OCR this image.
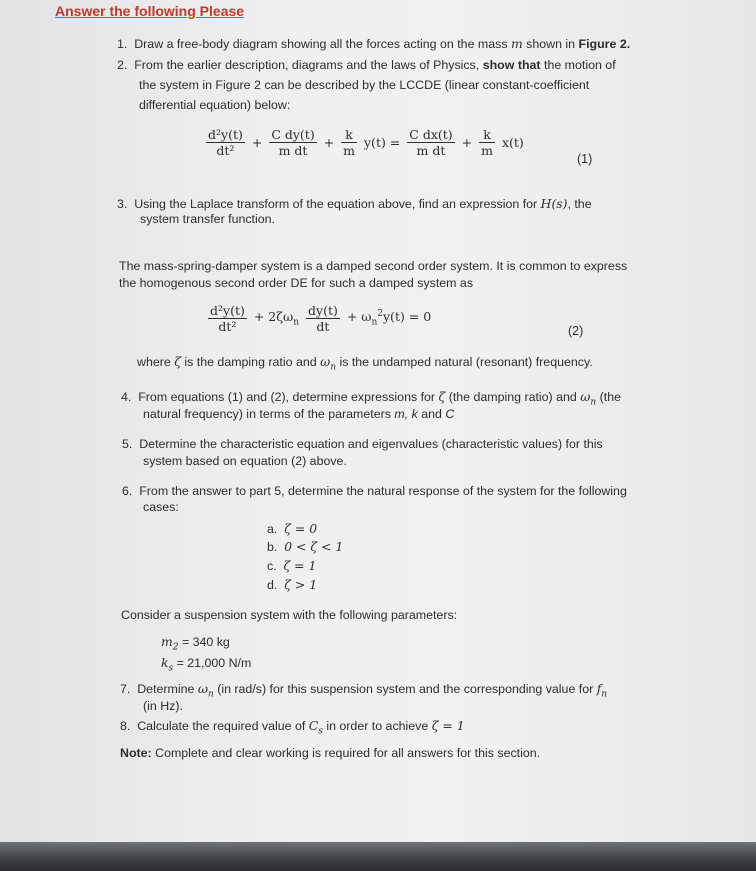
Answer the following Please
1. Draw a free-body diagram showing all the forces acting on the mass m shown in Figure 2.
2. From the earlier description, diagrams and the laws of Physics, show that the motion of
the system in Figure 2 can be described by the LCCDE (linear constant-coefficient
differential equation) below:
$\frac{\text{d²y(t)}}{\text{dt²}} + \frac{\text{C dy(t)}}{\text{m dt}} + \frac{k}{m} y(t) = \frac{\text{C dx(t)}}{\text{m dt}} + \frac{k}{m} x(t)$
(1)
3. Using the Laplace transform of the equation above, find an expression for H(s), the
system transfer function.
The mass-spring-damper system is a damped second order system. It is common to express
the homogenous second order DE for such a damped system as
$\frac{\text{d²y(t)}}{\text{dt²}} + 2\zeta\omega_n \frac{dy(t)}{dt} + \omega_n^2y(t) = 0$
(2)
where ζ is the damping ratio and $\omega_n$ is the undamped natural (resonant) frequency.
4. From equations (1) and (2), determine expressions for ζ (the damping ratio) and $\omega_n$ (the
natural frequency) in terms of the parameters m, k and C
5. Determine the characteristic equation and eigenvalues (characteristic values) for this
system based on equation (2) above.
6. From the answer to part 5, determine the natural response of the system for the following
cases:
a. ζ = 0
b. 0 < ζ < 1
c. ζ = 1
d. ζ > 1
Consider a suspension system with the following parameters:
$m_2 = 340$ kg
$k_s = 21,000$ N/m
7. Determine $\omega_n$ (in rad/s) for this suspension system and the corresponding value for $f_n$
(in Hz).
8. Calculate the required value of $C_s$ in order to achieve ζ = 1
Note: Complete and clear working is required for all answers for this section.
